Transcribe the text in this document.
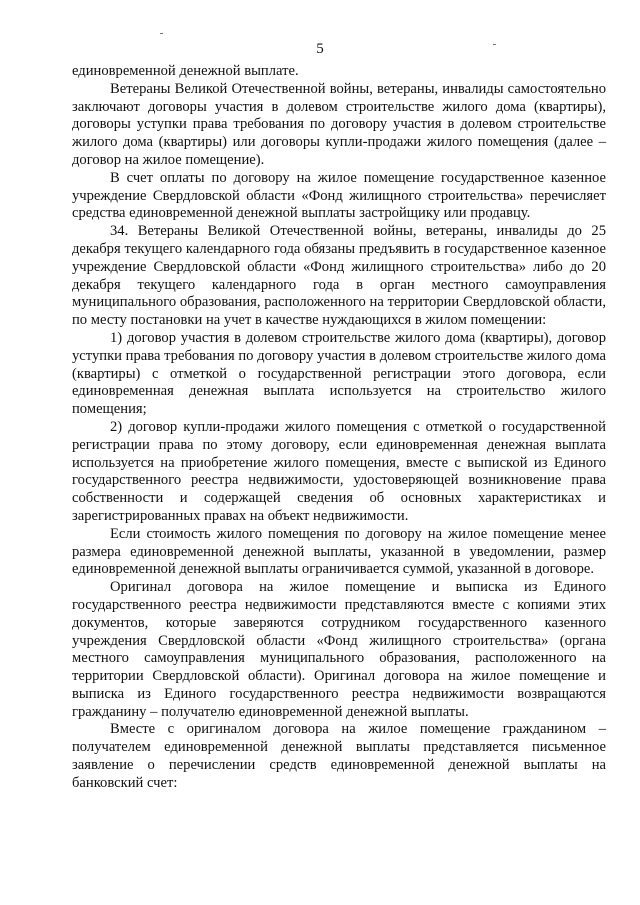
5

единовременной денежной выплате.

Ветераны Великой Отечественной войны, ветераны, инвалиды самостоятельно заключают договоры участия в долевом строительстве жилого дома (квартиры), договоры уступки права требования по договору участия в долевом строительстве жилого дома (квартиры) или договоры купли-продажи жилого помещения (далее – договор на жилое помещение).

В счет оплаты по договору на жилое помещение государственное казенное учреждение Свердловской области «Фонд жилищного строительства» перечисляет средства единовременной денежной выплаты застройщику или продавцу.

34. Ветераны Великой Отечественной войны, ветераны, инвалиды до 25 декабря текущего календарного года обязаны предъявить в государственное казенное учреждение Свердловской области «Фонд жилищного строительства» либо до 20 декабря текущего календарного года в орган местного самоуправления муниципального образования, расположенного на территории Свердловской области, по месту постановки на учет в качестве нуждающихся в жилом помещении:

1) договор участия в долевом строительстве жилого дома (квартиры), договор уступки права требования по договору участия в долевом строительстве жилого дома (квартиры) с отметкой о государственной регистрации этого договора, если единовременная денежная выплата используется на строительство жилого помещения;

2) договор купли-продажи жилого помещения с отметкой о государственной регистрации права по этому договору, если единовременная денежная выплата используется на приобретение жилого помещения, вместе с выпиской из Единого государственного реестра недвижимости, удостоверяющей возникновение права собственности и содержащей сведения об основных характеристиках и зарегистрированных правах на объект недвижимости.

Если стоимость жилого помещения по договору на жилое помещение менее размера единовременной денежной выплаты, указанной в уведомлении, размер единовременной денежной выплаты ограничивается суммой, указанной в договоре.

Оригинал договора на жилое помещение и выписка из Единого государственного реестра недвижимости представляются вместе с копиями этих документов, которые заверяются сотрудником государственного казенного учреждения Свердловской области «Фонд жилищного строительства» (органа местного самоуправления муниципального образования, расположенного на территории Свердловской области). Оригинал договора на жилое помещение и выписка из Единого государственного реестра недвижимости возвращаются гражданину – получателю единовременной денежной выплаты.

Вместе с оригиналом договора на жилое помещение гражданином – получателем единовременной денежной выплаты представляется письменное заявление о перечислении средств единовременной денежной выплаты на банковский счет:
